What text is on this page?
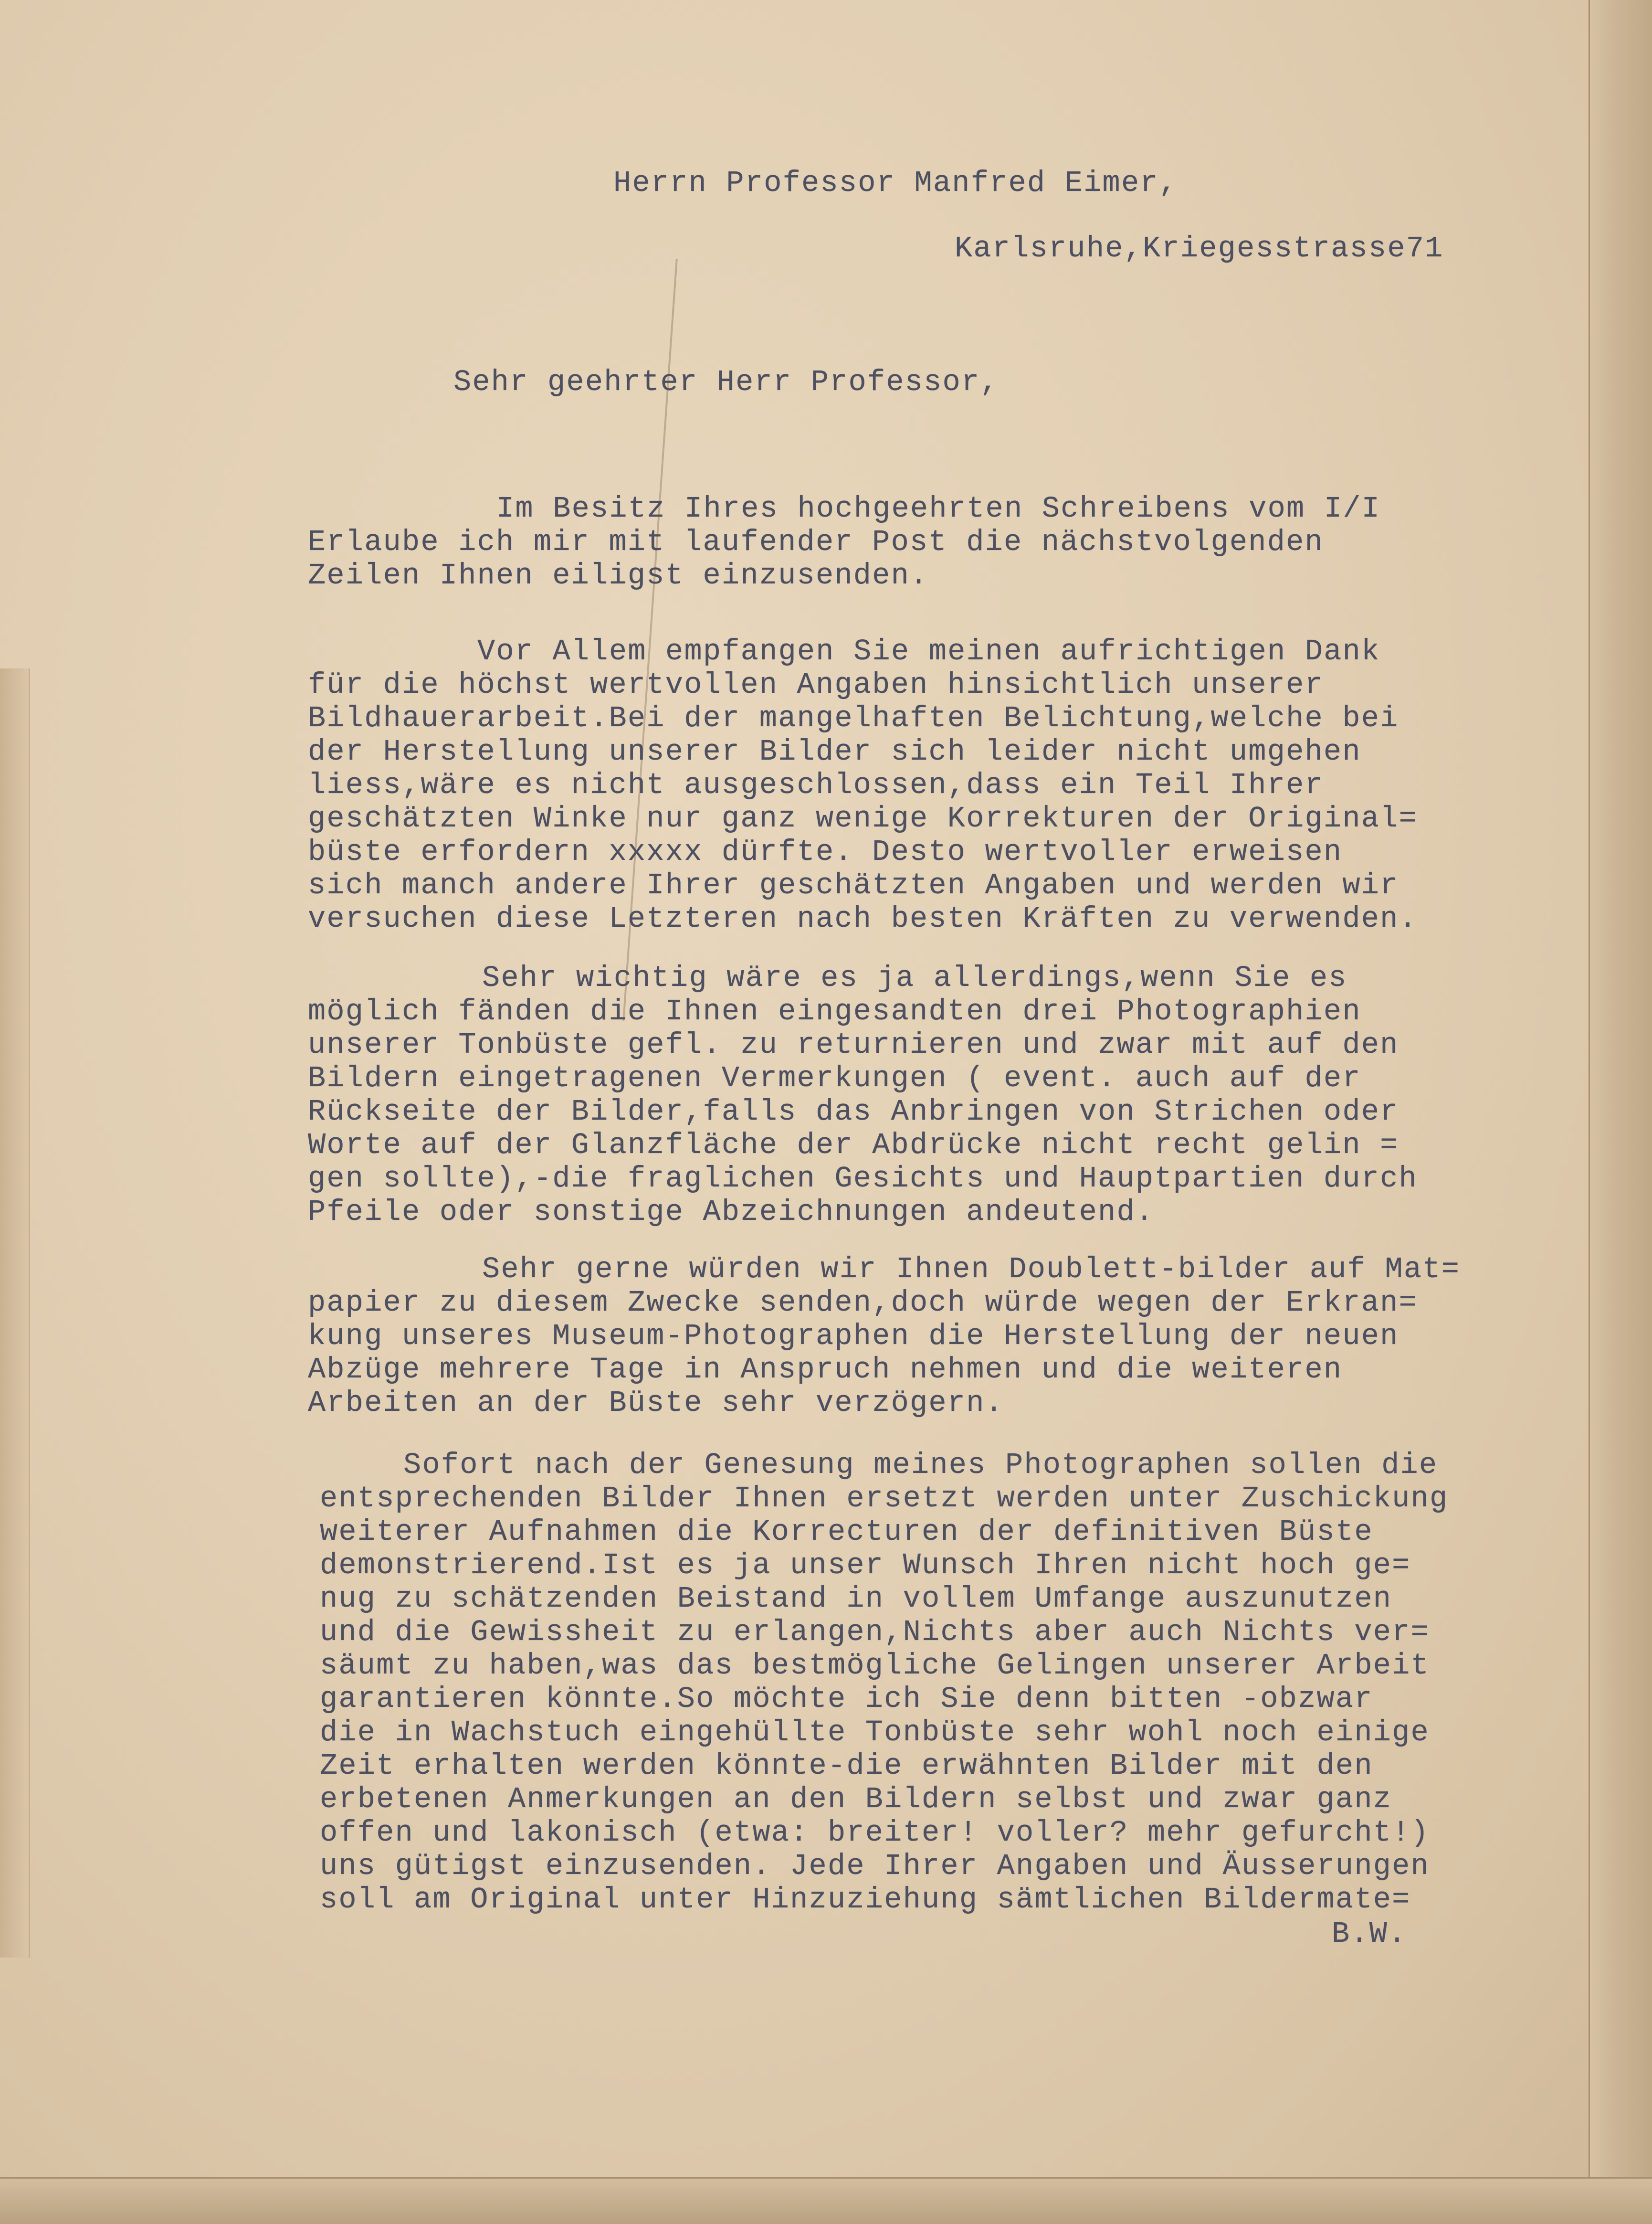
Herrn Professor Manfred Eimer,

Karlsruhe,Kriegesstrasse71

Sehr geehrter Herr Professor,

Im Besitz Ihres hochgeehrten Schreibens vom I/I

Erlaube ich mir mit laufender Post die nächstvolgenden

Zeilen Ihnen eiligst einzusenden.

Vor Allem empfangen Sie meinen aufrichtigen Dank

für die höchst wertvollen Angaben hinsichtlich unserer

Bildhauerarbeit.Bei der mangelhaften Belichtung,welche bei

der Herstellung unserer Bilder sich leider nicht umgehen

liess,wäre es nicht ausgeschlossen,dass ein Teil Ihrer

geschätzten Winke nur ganz wenige Korrekturen der Original=

büste erfordern xxxxx dürfte. Desto wertvoller erweisen

sich manch andere Ihrer geschätzten Angaben und werden wir

versuchen diese Letzteren nach besten Kräften zu verwenden.

Sehr wichtig wäre es ja allerdings,wenn Sie es

möglich fänden die Ihnen eingesandten drei Photographien

unserer Tonbüste gefl. zu returnieren und zwar mit auf den

Bildern eingetragenen Vermerkungen ( event. auch auf der

Rückseite der Bilder,falls das Anbringen von Strichen oder

Worte auf der Glanzfläche der Abdrücke nicht recht gelin =

gen sollte),-die fraglichen Gesichts und Hauptpartien durch

Pfeile oder sonstige Abzeichnungen andeutend.

Sehr gerne würden wir Ihnen Doublett-bilder auf Mat=

papier zu diesem Zwecke senden,doch würde wegen der Erkran=

kung unseres Museum-Photographen die Herstellung der neuen

Abzüge mehrere Tage in Anspruch nehmen und die weiteren

Arbeiten an der Büste sehr verzögern.

Sofort nach der Genesung meines Photographen sollen die

entsprechenden Bilder Ihnen ersetzt werden unter Zuschickung

weiterer Aufnahmen die Korrecturen der definitiven Büste

demonstrierend.Ist es ja unser Wunsch Ihren nicht hoch ge=

nug zu schätzenden Beistand in vollem Umfange auszunutzen

und die Gewissheit zu erlangen,Nichts aber auch Nichts ver=

säumt zu haben,was das bestmögliche Gelingen unserer Arbeit

garantieren könnte.So möchte ich Sie denn bitten -obzwar

die in Wachstuch eingehüllte Tonbüste sehr wohl noch einige

Zeit erhalten werden könnte-die erwähnten Bilder mit den

erbetenen Anmerkungen an den Bildern selbst und zwar ganz

offen und lakonisch (etwa: breiter! voller? mehr gefurcht!)

uns gütigst einzusenden. Jede Ihrer Angaben und Äusserungen

soll am Original unter Hinzuziehung sämtlichen Bildermate=

B.W.
